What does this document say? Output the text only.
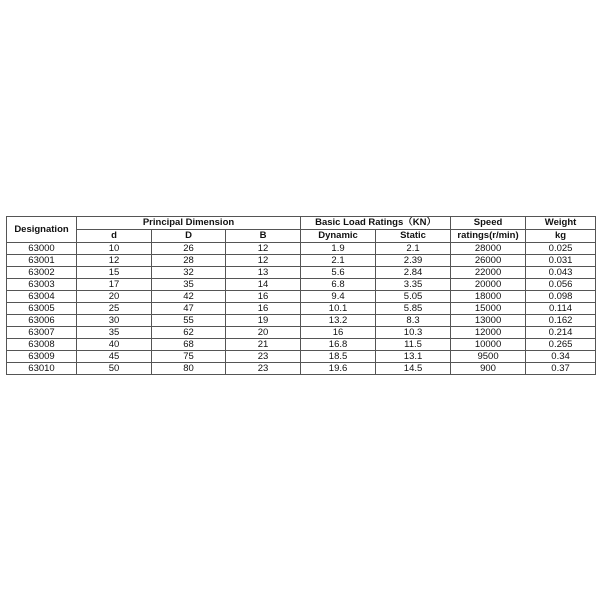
Designation	Principal Dimension			Basic Load Ratings（KN）		Speed	Weight
	d	D	B	Dynamic	Static	ratings(r/min)	kg
63000	10	26	12	1.9	2.1	28000	0.025
63001	12	28	12	2.1	2.39	26000	0.031
63002	15	32	13	5.6	2.84	22000	0.043
63003	17	35	14	6.8	3.35	20000	0.056
63004	20	42	16	9.4	5.05	18000	0.098
63005	25	47	16	10.1	5.85	15000	0.114
63006	30	55	19	13.2	8.3	13000	0.162
63007	35	62	20	16	10.3	12000	0.214
63008	40	68	21	16.8	11.5	10000	0.265
63009	45	75	23	18.5	13.1	9500	0.34
63010	50	80	23	19.6	14.5	900	0.37
